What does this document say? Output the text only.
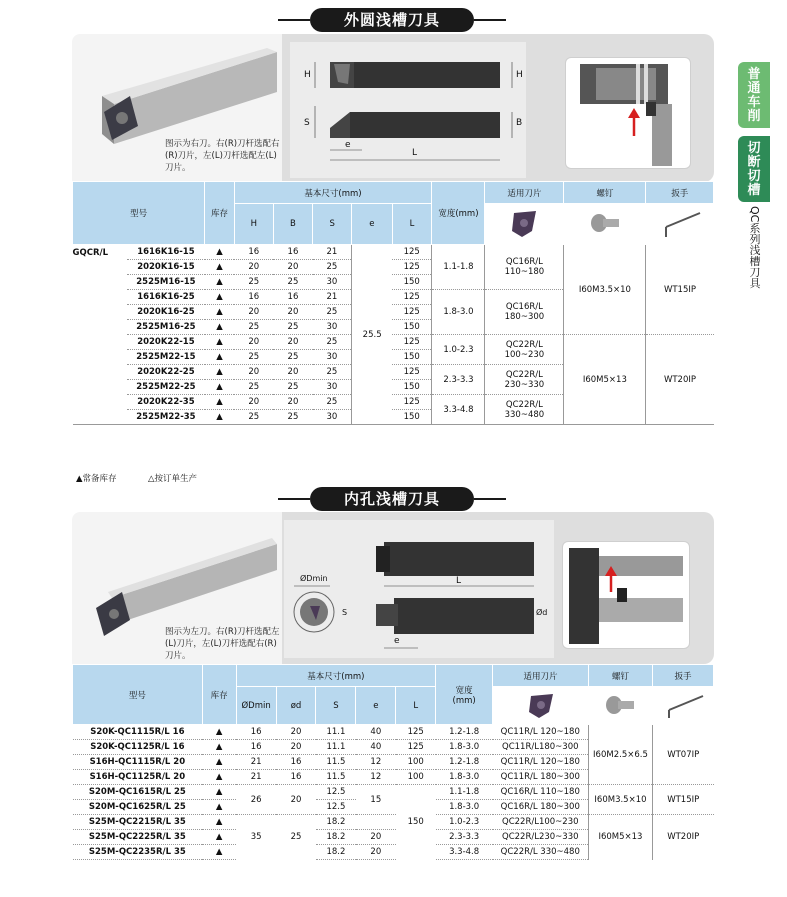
普通车削
切断切槽
QC系列浅槽刀具
外圆浅槽刀具
图示为右刀。右(R)刀杆选配右(R)刀片，左(L)刀杆选配左(L)刀片。
H	H
S	B
e
L
型号		库存	基本尺寸(mm)					宽度(mm)	适用刀片	螺钉	扳手
			H	B	S	e	L	

GQCR/L	1616K16-15	▲	16	16	21	25.5	125	1.1-1.8	QC16R/L 110~180	I60M3.5×10	WT15IP
	2020K16-15	▲	20	20	25		125				
	2525M16-15	▲	25	25	30		150				
	1616K16-25	▲	16	16	21		125	1.8-3.0	QC16R/L 180~300		
	2020K16-25	▲	20	20	25		125				
	2525M16-25	▲	25	25	30		150				
	2020K22-15	▲	20	20	25		125	1.0-2.3	QC22R/L 100~230	I60M5×13	WT20IP
	2525M22-15	▲	25	25	30		150				
	2020K22-25	▲	20	20	25		125	2.3-3.3	QC22R/L 230~330		
	2525M22-25	▲	25	25	30		150				
	2020K22-35	▲	20	20	25		125	3.3-4.8	QC22R/L 330~480		
	2525M22-35	▲	25	25	30		150				
▲常备库存	△按订单生产
内孔浅槽刀具
图示为左刀。右(R)刀杆选配左(L)刀片，左(L)刀杆选配右(R)刀片。
ØDmin
S
L
Ød
e
型号	库存	基本尺寸(mm)					宽度
(mm)	适用刀片	螺钉	扳手
		ØDmin	ød	S	e	L	

S20K-QC1115R/L 16	▲	16	20	11.1	40	125	1.2-1.8	QC11R/L 120~180	I60M2.5×6.5	WT07IP
S20K-QC1125R/L 16	▲	16	20	11.1	40	125	1.8-3.0	QC11R/L180~300		
S16H-QC1115R/L 20	▲	21	16	11.5	12	100	1.2-1.8	QC11R/L 120~180		
S16H-QC1125R/L 20	▲	21	16	11.5	12	100	1.8-3.0	QC11R/L 180~300		
S20M-QC1615R/L 25	▲	26	20	12.5	15	150	1.1-1.8	QC16R/L 110~180	I60M3.5×10	WT15IP
S20M-QC1625R/L 25	▲			12.5			1.8-3.0	QC16R/L 180~300		
S25M-QC2215R/L 35	▲	35	25	18.2			1.0-2.3	QC22R/L100~230	I60M5×13	WT20IP
S25M-QC2225R/L 35	▲			18.2	20		2.3-3.3	QC22R/L230~330		
S25M-QC2235R/L 35	▲			18.2	20		3.3-4.8	QC22R/L 330~480		
